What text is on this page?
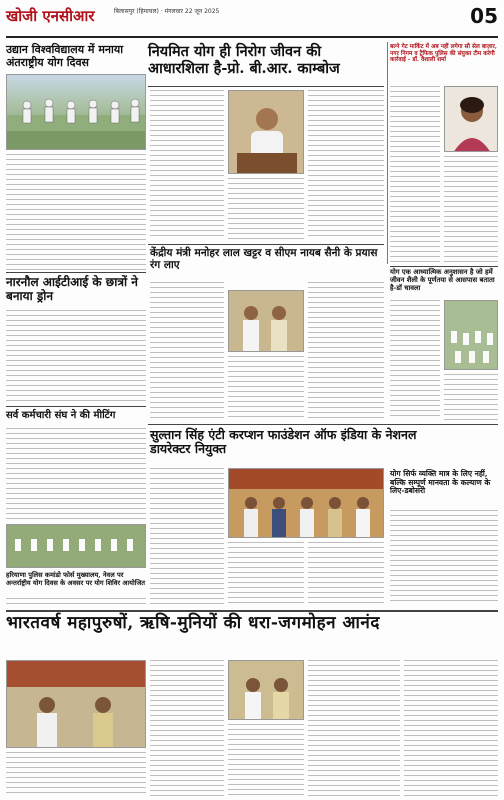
खोजी एनसीआर	बिलासपुर (हिमाचल) · मंगलवार 22 जून 2025	05
उद्यान विश्वविद्यालय में मनाया अंतराष्ट्रीय योग दिवस
नियमित योग ही निरोग जीवन की आधारशिला है-प्रो. बी.आर. काम्बोज
बल्ने गेट मार्किट में अब नहीं लगेगा सौ सेल बाज़ार, नगर निगम व ट्रैफिक पुलिस की संयुक्त टीम करेगी कार्रवाई - डॉ. वैशाली शर्मा
नारनौल आईटीआई के छात्रों ने बनाया ड्रोन
केंद्रीय मंत्री मनोहर लाल खट्टर व सीएम नायब सैनी के प्रयास रंग लाए
योग एक आध्यात्मिक अनुशासन है जो हमें जीवन शैली के पूर्णतया से आसपास बताता है-डॉ चावला
सर्व कर्मचारी संघ ने की मीटिंग
सुल्तान सिंह एंटी करप्शन फाउंडेशन ऑफ इंडिया के नेशनल डायरेक्टर नियुक्त
योग सिर्फ व्यक्ति मात्र के लिए नहीं, बल्कि सम्पूर्ण मानवता के कल्याण के लिए-डबोसरी
हरियाणा पुलिस कमांडो फोर्स मुख्यालय, नेवल पर अन्तर्राष्ट्रीय योग दिवस के अवसर पर योग शिविर आयोजित
भारतवर्ष महापुरुषों, ऋषि-मुनियों की धरा-जगमोहन आनंद
